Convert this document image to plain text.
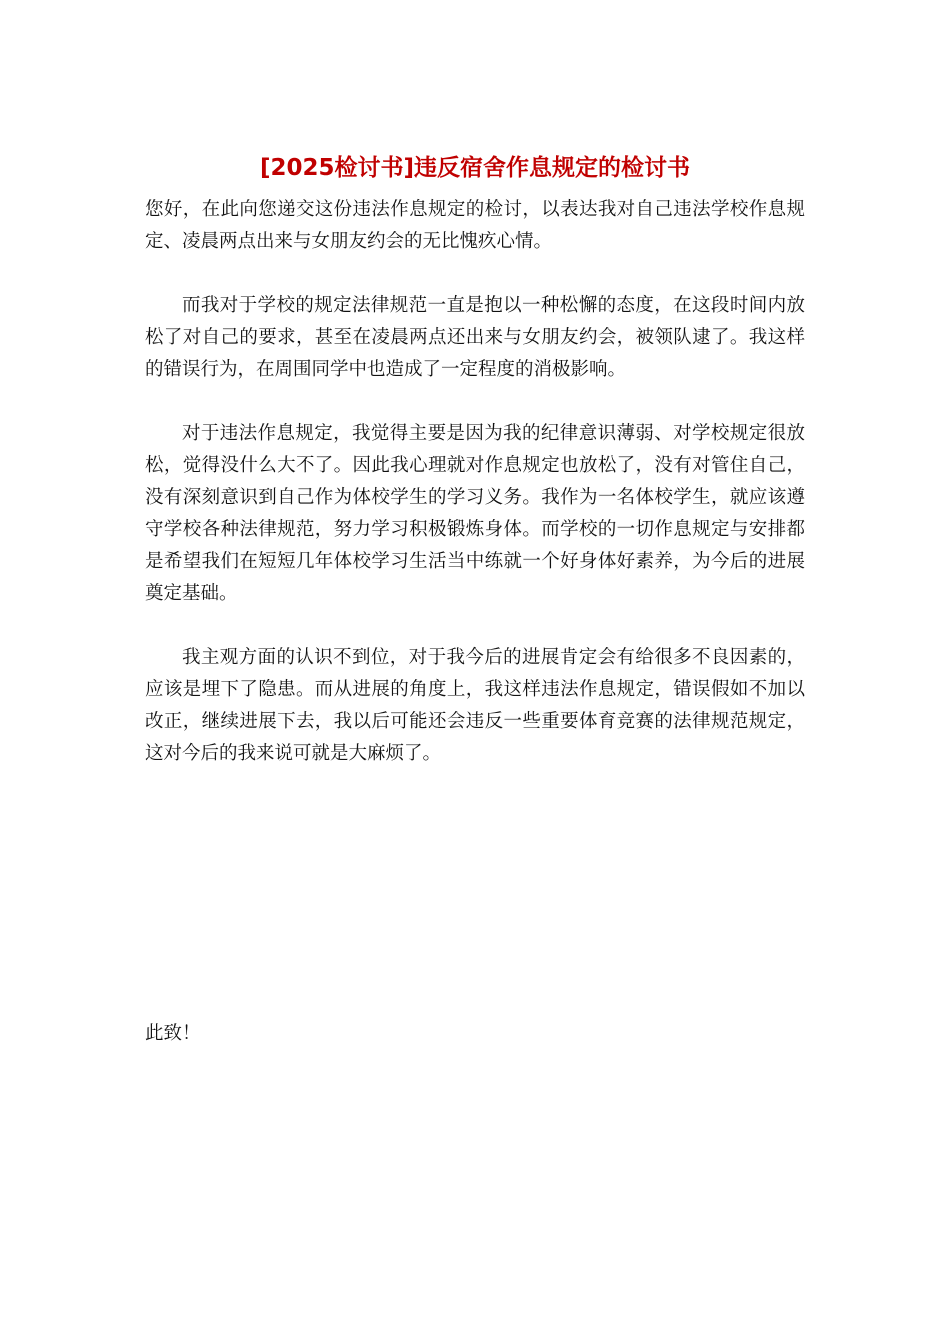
[2025检讨书]违反宿舍作息规定的检讨书

您好，在此向您递交这份违法作息规定的检讨，以表达我对自己违法学校作息规定、凌晨两点出来与女朋友约会的无比愧疚心情。

而我对于学校的规定法律规范一直是抱以一种松懈的态度，在这段时间内放松了对自己的要求，甚至在凌晨两点还出来与女朋友约会，被领队逮了。我这样的错误行为，在周围同学中也造成了一定程度的消极影响。

对于违法作息规定，我觉得主要是因为我的纪律意识薄弱、对学校规定很放松，觉得没什么大不了。因此我心理就对作息规定也放松了，没有对管住自己，没有深刻意识到自己作为体校学生的学习义务。我作为一名体校学生，就应该遵守学校各种法律规范，努力学习积极锻炼身体。而学校的一切作息规定与安排都是希望我们在短短几年体校学习生活当中练就一个好身体好素养，为今后的进展奠定基础。

我主观方面的认识不到位，对于我今后的进展肯定会有给很多不良因素的，应该是埋下了隐患。而从进展的角度上，我这样违法作息规定，错误假如不加以改正，继续进展下去，我以后可能还会违反一些重要体育竞赛的法律规范规定，这对今后的我来说可就是大麻烦了。

此致！
